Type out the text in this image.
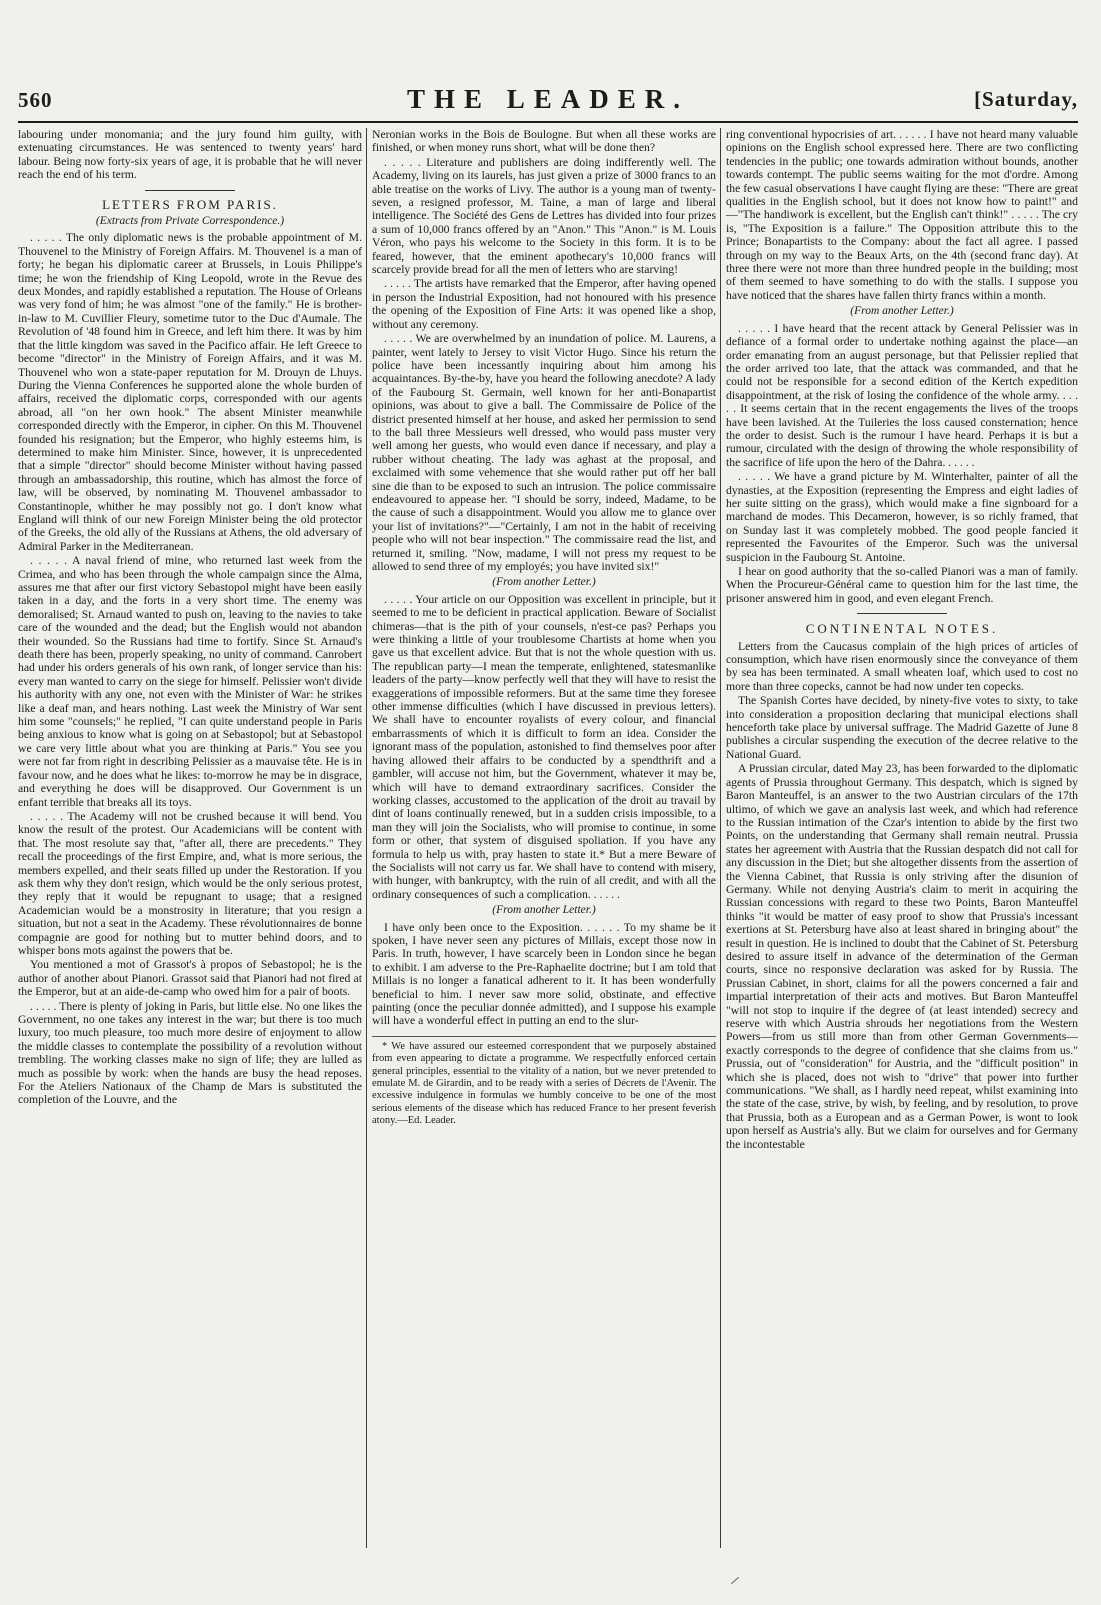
560	THE LEADER.	[Saturday,

labouring under monomania; and the jury found him guilty, with extenuating circumstances. He was sentenced to twenty years' hard labour. Being now forty-six years of age, it is probable that he will never reach the end of his term.

LETTERS FROM PARIS.
(Extracts from Private Correspondence.)

. . . . . The only diplomatic news is the probable appointment of M. Thouvenel to the Ministry of Foreign Affairs. M. Thouvenel is a man of forty; he began his diplomatic career at Brussels, in Louis Philippe's time; he won the friendship of King Leopold, wrote in the Revue des deux Mondes, and rapidly established a reputation. The House of Orleans was very fond of him; he was almost "one of the family." He is brother-in-law to M. Cuvillier Fleury, sometime tutor to the Duc d'Aumale. The Revolution of '48 found him in Greece, and left him there. It was by him that the little kingdom was saved in the Pacifico affair. He left Greece to become "director" in the Ministry of Foreign Affairs, and it was M. Thouvenel who won a state-paper reputation for M. Drouyn de Lhuys. During the Vienna Conferences he supported alone the whole burden of affairs, received the diplomatic corps, corresponded with our agents abroad, all "on her own hook." The absent Minister meanwhile corresponded directly with the Emperor, in cipher. On this M. Thouvenel founded his resignation; but the Emperor, who highly esteems him, is determined to make him Minister. Since, however, it is unprecedented that a simple "director" should become Minister without having passed through an ambassadorship, this routine, which has almost the force of law, will be observed, by nominating M. Thouvenel ambassador to Constantinople, whither he may possibly not go. I don't know what England will think of our new Foreign Minister being the old protector of the Greeks, the old ally of the Russians at Athens, the old adversary of Admiral Parker in the Mediterranean.

. . . . . A naval friend of mine, who returned last week from the Crimea, and who has been through the whole campaign since the Alma, assures me that after our first victory Sebastopol might have been easily taken in a day, and the forts in a very short time. The enemy was demoralised; St. Arnaud wanted to push on, leaving to the navies to take care of the wounded and the dead; but the English would not abandon their wounded. So the Russians had time to fortify. Since St. Arnaud's death there has been, properly speaking, no unity of command. Canrobert had under his orders generals of his own rank, of longer service than his: every man wanted to carry on the siege for himself. Pelissier won't divide his authority with any one, not even with the Minister of War: he strikes like a deaf man, and hears nothing. Last week the Ministry of War sent him some "counsels;" he replied, "I can quite understand people in Paris being anxious to know what is going on at Sebastopol; but at Sebastopol we care very little about what you are thinking at Paris." You see you were not far from right in describing Pelissier as a mauvaise tête. He is in favour now, and he does what he likes: to-morrow he may be in disgrace, and everything he does will be disapproved. Our Government is un enfant terrible that breaks all its toys.

. . . . . The Academy will not be crushed because it will bend. You know the result of the protest. Our Academicians will be content with that. The most resolute say that, "after all, there are precedents." They recall the proceedings of the first Empire, and, what is more serious, the members expelled, and their seats filled up under the Restoration. If you ask them why they don't resign, which would be the only serious protest, they reply that it would be repugnant to usage; that a resigned Academician would be a monstrosity in literature; that you resign a situation, but not a seat in the Academy. These révolutionnaires de bonne compagnie are good for nothing but to mutter behind doors, and to whisper bons mots against the powers that be.

You mentioned a mot of Grassot's à propos of Sebastopol; he is the author of another about Pianori. Grassot said that Pianori had not fired at the Emperor, but at an aide-de-camp who owed him for a pair of boots.

. . . . . There is plenty of joking in Paris, but little else. No one likes the Government, no one takes any interest in the war; but there is too much luxury, too much pleasure, too much more desire of enjoyment to allow the middle classes to contemplate the possibility of a revolution without trembling. The working classes make no sign of life; they are lulled as much as possible by work: when the hands are busy the head reposes. For the Ateliers Nationaux of the Champ de Mars is substituted the completion of the Louvre, and the

Neronian works in the Bois de Boulogne. But when all these works are finished, or when money runs short, what will be done then?

. . . . . Literature and publishers are doing indifferently well. The Academy, living on its laurels, has just given a prize of 3000 francs to an able treatise on the works of Livy. The author is a young man of twenty-seven, a resigned professor, M. Taine, a man of large and liberal intelligence. The Société des Gens de Lettres has divided into four prizes a sum of 10,000 francs offered by an "Anon." This "Anon." is M. Louis Véron, who pays his welcome to the Society in this form. It is to be feared, however, that the eminent apothecary's 10,000 francs will scarcely provide bread for all the men of letters who are starving!

. . . . . The artists have remarked that the Emperor, after having opened in person the Industrial Exposition, had not honoured with his presence the opening of the Exposition of Fine Arts: it was opened like a shop, without any ceremony.

. . . . . We are overwhelmed by an inundation of police. M. Laurens, a painter, went lately to Jersey to visit Victor Hugo. Since his return the police have been incessantly inquiring about him among his acquaintances. By-the-by, have you heard the following anecdote? A lady of the Faubourg St. Germain, well known for her anti-Bonapartist opinions, was about to give a ball. The Commissaire de Police of the district presented himself at her house, and asked her permission to send to the ball three Messieurs well dressed, who would pass muster very well among her guests, who would even dance if necessary, and play a rubber without cheating. The lady was aghast at the proposal, and exclaimed with some vehemence that she would rather put off her ball sine die than to be exposed to such an intrusion. The police commissaire endeavoured to appease her. "I should be sorry, indeed, Madame, to be the cause of such a disappointment. Would you allow me to glance over your list of invitations?"—"Certainly, I am not in the habit of receiving people who will not bear inspection." The commissaire read the list, and returned it, smiling. "Now, madame, I will not press my request to be allowed to send three of my employés; you have invited six!"

(From another Letter.)

. . . . . Your article on our Opposition was excellent in principle, but it seemed to me to be deficient in practical application. Beware of Socialist chimeras—that is the pith of your counsels, n'est-ce pas? Perhaps you were thinking a little of your troublesome Chartists at home when you gave us that excellent advice. But that is not the whole question with us. The republican party—I mean the temperate, enlightened, statesmanlike leaders of the party—know perfectly well that they will have to resist the exaggerations of impossible reformers. But at the same time they foresee other immense difficulties (which I have discussed in previous letters). We shall have to encounter royalists of every colour, and financial embarrassments of which it is difficult to form an idea. Consider the ignorant mass of the population, astonished to find themselves poor after having allowed their affairs to be conducted by a spendthrift and a gambler, will accuse not him, but the Government, whatever it may be, which will have to demand extraordinary sacrifices. Consider the working classes, accustomed to the application of the droit au travail by dint of loans continually renewed, but in a sudden crisis impossible, to a man they will join the Socialists, who will promise to continue, in some form or other, that system of disguised spoliation. If you have any formula to help us with, pray hasten to state it.* But a mere Beware of the Socialists will not carry us far. We shall have to contend with misery, with hunger, with bankruptcy, with the ruin of all credit, and with all the ordinary consequences of such a complication. . . . . .

(From another Letter.)

I have only been once to the Exposition. . . . . . To my shame be it spoken, I have never seen any pictures of Millais, except those now in Paris. In truth, however, I have scarcely been in London since he began to exhibit. I am adverse to the Pre-Raphaelite doctrine; but I am told that Millais is no longer a fanatical adherent to it. It has been wonderfully beneficial to him. I never saw more solid, obstinate, and effective painting (once the peculiar donnée admitted), and I suppose his example will have a wonderful effect in putting an end to the slur-

* We have assured our esteemed correspondent that we purposely abstained from even appearing to dictate a programme. We respectfully enforced certain general principles, essential to the vitality of a nation, but we never pretended to emulate M. de Girardin, and to be ready with a series of Décrets de l'Avenir. The excessive indulgence in formulas we humbly conceive to be one of the most serious elements of the disease which has reduced France to her present feverish atony.—Ed. Leader.

ring conventional hypocrisies of art. . . . . . I have not heard many valuable opinions on the English school expressed here. There are two conflicting tendencies in the public; one towards admiration without bounds, another towards contempt. The public seems waiting for the mot d'ordre. Among the few casual observations I have caught flying are these: "There are great qualities in the English school, but it does not know how to paint!" and—"The handiwork is excellent, but the English can't think!" . . . . . The cry is, "The Exposition is a failure." The Opposition attribute this to the Prince; Bonapartists to the Company: about the fact all agree. I passed through on my way to the Beaux Arts, on the 4th (second franc day). At three there were not more than three hundred people in the building; most of them seemed to have something to do with the stalls. I suppose you have noticed that the shares have fallen thirty francs within a month.

(From another Letter.)

. . . . . I have heard that the recent attack by General Pelissier was in defiance of a formal order to undertake nothing against the place—an order emanating from an august personage, but that Pelissier replied that the order arrived too late, that the attack was commanded, and that he could not be responsible for a second edition of the Kertch expedition disappointment, at the risk of losing the confidence of the whole army. . . . . . It seems certain that in the recent engagements the lives of the troops have been lavished. At the Tuileries the loss caused consternation; hence the order to desist. Such is the rumour I have heard. Perhaps it is but a rumour, circulated with the design of throwing the whole responsibility of the sacrifice of life upon the hero of the Dahra. . . . . .

. . . . . We have a grand picture by M. Winterhalter, painter of all the dynasties, at the Exposition (representing the Empress and eight ladies of her suite sitting on the grass), which would make a fine signboard for a marchand de modes. This Decameron, however, is so richly framed, that on Sunday last it was completely mobbed. The good people fancied it represented the Favourites of the Emperor. Such was the universal suspicion in the Faubourg St. Antoine.

I hear on good authority that the so-called Pianori was a man of family. When the Procureur-Général came to question him for the last time, the prisoner answered him in good, and even elegant French.

CONTINENTAL NOTES.

Letters from the Caucasus complain of the high prices of articles of consumption, which have risen enormously since the conveyance of them by sea has been terminated. A small wheaten loaf, which used to cost no more than three copecks, cannot be had now under ten copecks.

The Spanish Cortes have decided, by ninety-five votes to sixty, to take into consideration a proposition declaring that municipal elections shall henceforth take place by universal suffrage. The Madrid Gazette of June 8 publishes a circular suspending the execution of the decree relative to the National Guard.

A Prussian circular, dated May 23, has been forwarded to the diplomatic agents of Prussia throughout Germany. This despatch, which is signed by Baron Manteuffel, is an answer to the two Austrian circulars of the 17th ultimo, of which we gave an analysis last week, and which had reference to the Russian intimation of the Czar's intention to abide by the first two Points, on the understanding that Germany shall remain neutral. Prussia states her agreement with Austria that the Russian despatch did not call for any discussion in the Diet; but she altogether dissents from the assertion of the Vienna Cabinet, that Russia is only striving after the disunion of Germany. While not denying Austria's claim to merit in acquiring the Russian concessions with regard to these two Points, Baron Manteuffel thinks "it would be matter of easy proof to show that Prussia's incessant exertions at St. Petersburg have also at least shared in bringing about" the result in question. He is inclined to doubt that the Cabinet of St. Petersburg desired to assure itself in advance of the determination of the German courts, since no responsive declaration was asked for by Russia. The Prussian Cabinet, in short, claims for all the powers concerned a fair and impartial interpretation of their acts and motives. But Baron Manteuffel "will not stop to inquire if the degree of (at least intended) secrecy and reserve with which Austria shrouds her negotiations from the Western Powers—from us still more than from other German Governments—exactly corresponds to the degree of confidence that she claims from us." Prussia, out of "consideration" for Austria, and the "difficult position" in which she is placed, does not wish to "drive" that power into further communications. "We shall, as I hardly need repeat, whilst examining into the state of the case, strive, by wish, by feeling, and by resolution, to prove that Prussia, both as a European and as a German Power, is wont to look upon herself as Austria's ally. But we claim for ourselves and for Germany the incontestable
